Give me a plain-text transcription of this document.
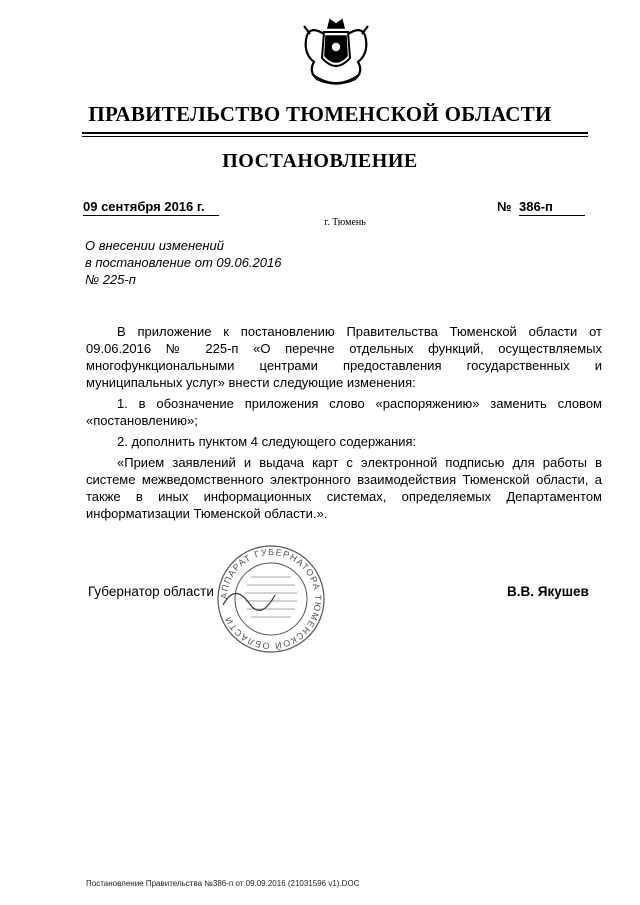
ПРАВИТЕЛЬСТВО ТЮМЕНСКОЙ ОБЛАСТИ
ПОСТАНОВЛЕНИЕ
09 сентября 2016 г.	№ 386-п
г. Тюмень
О внесении изменений
в постановление от 09.06.2016
№ 225-п

В приложение к постановлению Правительства Тюменской области от 09.06.2016 № 225-п «О перечне отдельных функций, осуществляемых многофункциональными центрами предоставления государственных и муниципальных услуг» внести следующие изменения:

1. в обозначение приложения слово «распоряжению» заменить словом «постановлению»;

2. дополнить пунктом 4 следующего содержания:

«Прием заявлений и выдача карт с электронной подписью для работы в системе межведомственного электронного взаимодействия Тюменской области, а также в иных информационных системах, определяемых Департаментом информатизации Тюменской области.».

АППАРАТ ГУБЕРНАТОРА ТЮМЕНСКОЙ ОБЛАСТИ
Губернатор области	В.В. Якушев
Постановление Правительства №386-п от 09.09.2016 (21031596 v1).DOC
